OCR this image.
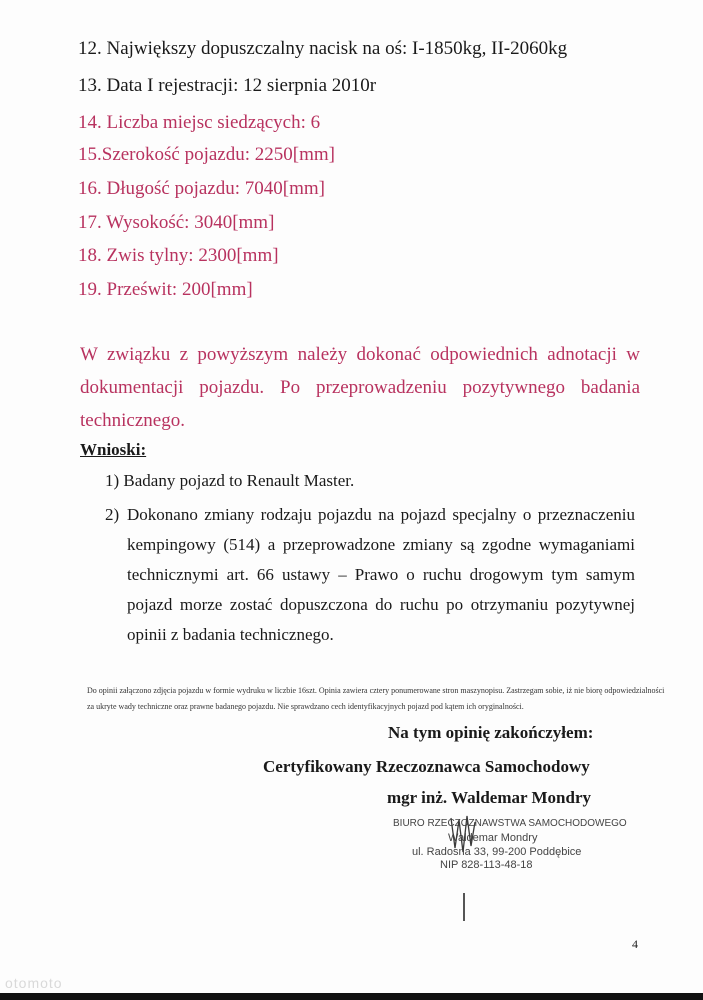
12. Największy dopuszczalny nacisk na oś: I-1850kg, II-2060kg
13. Data I rejestracji: 12 sierpnia 2010r
14. Liczba miejsc siedzących: 6
15.Szerokość pojazdu: 2250[mm]
16. Długość pojazdu: 7040[mm]
17. Wysokość: 3040[mm]
18. Zwis tylny: 2300[mm]
19. Prześwit: 200[mm]
W związku z powyższym należy dokonać odpowiednich adnotacji w dokumentacji pojazdu. Po przeprowadzeniu pozytywnego badania technicznego.
Wnioski:
1) Badany pojazd to Renault Master.
2) Dokonano zmiany rodzaju pojazdu na pojazd specjalny o przeznaczeniu kempingowy (514) a przeprowadzone zmiany są zgodne wymaganiami technicznymi art. 66 ustawy – Prawo o ruchu drogowym tym samym pojazd morze zostać dopuszczona do ruchu po otrzymaniu pozytywnej opinii z badania technicznego.
Do opinii załączono zdjęcia pojazdu w formie wydruku w liczbie 16szt. Opinia zawiera cztery ponumerowane stron maszynopisu. Zastrzegam sobie, iż nie biorę odpowiedzialności za ukryte wady techniczne oraz prawne badanego pojazdu. Nie sprawdzano cech identyfikacyjnych pojazd pod kątem ich oryginalności.
Na tym opinię zakończyłem:
Certyfikowany Rzeczoznawca Samochodowy
mgr inż. Waldemar Mondry
BIURO RZECZOZNAWSTWA SAMOCHODOWEGO
Waldemar Mondry
ul. Radosna 33, 99-200 Poddębice
NIP 828-113-48-18
4
otomoto
